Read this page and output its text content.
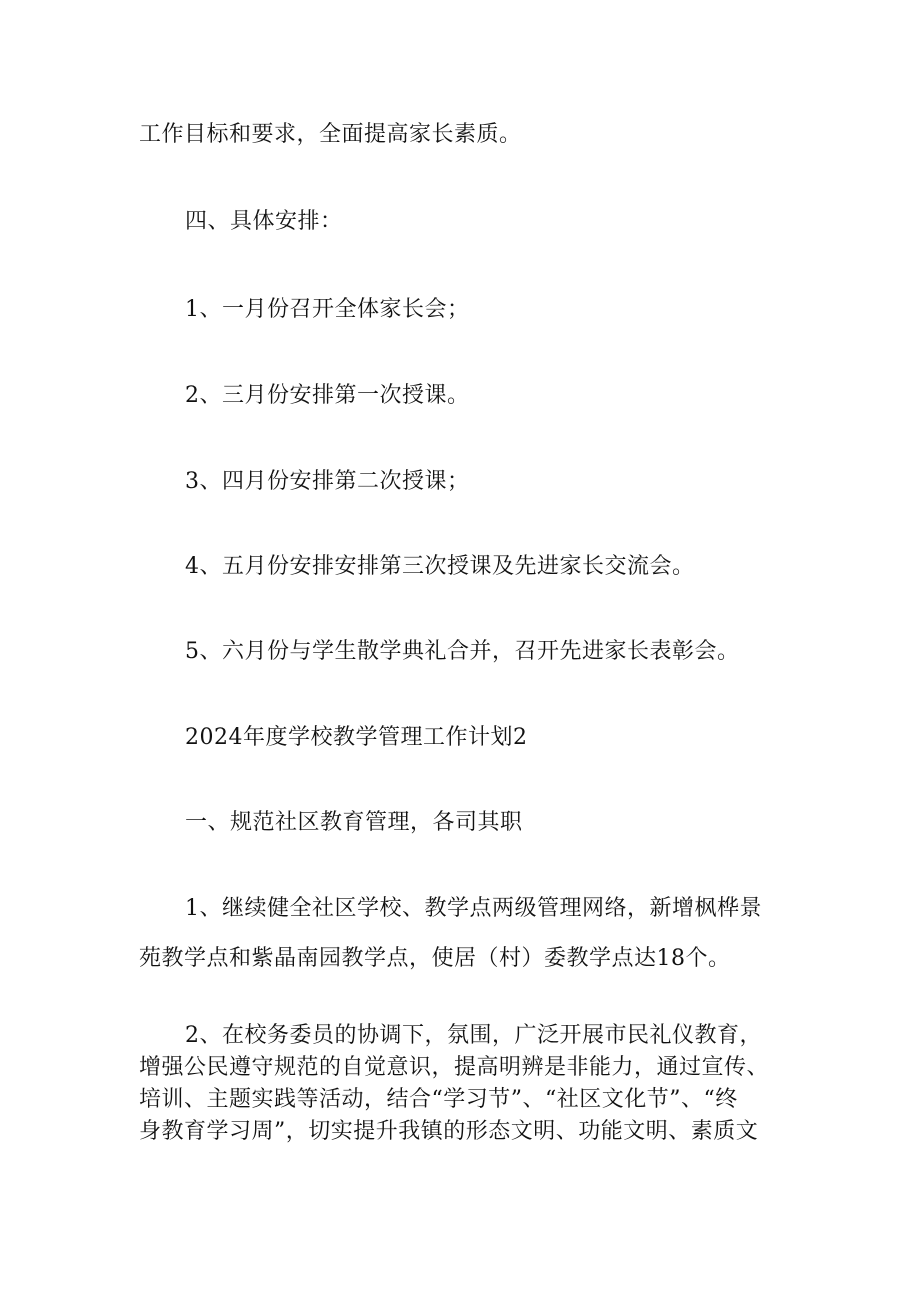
工作目标和要求，全面提高家长素质。
四、具体安排：
1、一月份召开全体家长会；
2、三月份安排第一次授课。
3、四月份安排第二次授课；
4、五月份安排安排第三次授课及先进家长交流会。
5、六月份与学生散学典礼合并，召开先进家长表彰会。
2024年度学校教学管理工作计划2
一、规范社区教育管理，各司其职
1、继续健全社区学校、教学点两级管理网络，新增枫桦景
苑教学点和紫晶南园教学点，使居（村）委教学点达18个。
2、在校务委员的协调下，氛围，广泛开展市民礼仪教育，
增强公民遵守规范的自觉意识，提高明辨是非能力，通过宣传、
培训、主题实践等活动，结合“学习节”、“社区文化节”、“终
身教育学习周”，切实提升我镇的形态文明、功能文明、素质文
